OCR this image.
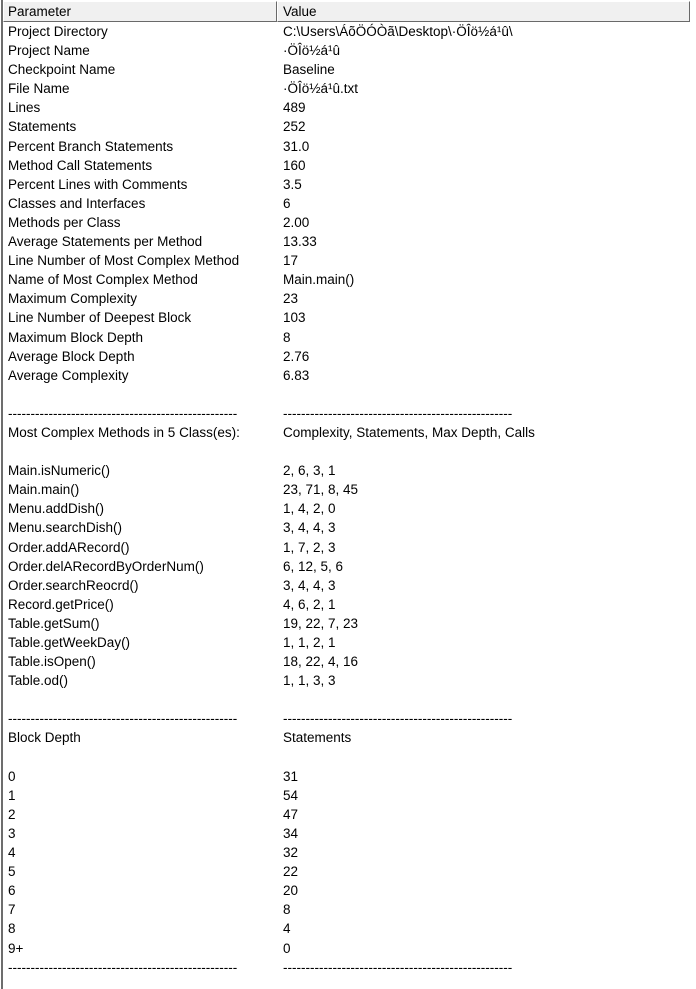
Parameter	Value
Project Directory	C:\Users\ÁõÖÓÒã\Desktop\·ÖÎö½á¹û\
Project Name	·ÖÎö½á¹û
Checkpoint Name	Baseline
File Name	·ÖÎö½á¹û.txt
Lines	489
Statements	252
Percent Branch Statements	31.0
Method Call Statements	160
Percent Lines with Comments	3.5
Classes and Interfaces	6
Methods per Class	2.00
Average Statements per Method	13.33
Line Number of Most Complex Method	17
Name of Most Complex Method	Main.main()
Maximum Complexity	23
Line Number of Deepest Block	103
Maximum Block Depth	8
Average Block Depth	2.76
Average Complexity	6.83
---------------------------------------------------	---------------------------------------------------
Most Complex Methods in 5 Class(es):	Complexity, Statements, Max Depth, Calls
Main.isNumeric()	2, 6, 3, 1
Main.main()	23, 71, 8, 45
Menu.addDish()	1, 4, 2, 0
Menu.searchDish()	3, 4, 4, 3
Order.addARecord()	1, 7, 2, 3
Order.delARecordByOrderNum()	6, 12, 5, 6
Order.searchReocrd()	3, 4, 4, 3
Record.getPrice()	4, 6, 2, 1
Table.getSum()	19, 22, 7, 23
Table.getWeekDay()	1, 1, 2, 1
Table.isOpen()	18, 22, 4, 16
Table.od()	1, 1, 3, 3
---------------------------------------------------	---------------------------------------------------
Block Depth	Statements
0	31
1	54
2	47
3	34
4	32
5	22
6	20
7	8
8	4
9+	0
---------------------------------------------------	---------------------------------------------------
